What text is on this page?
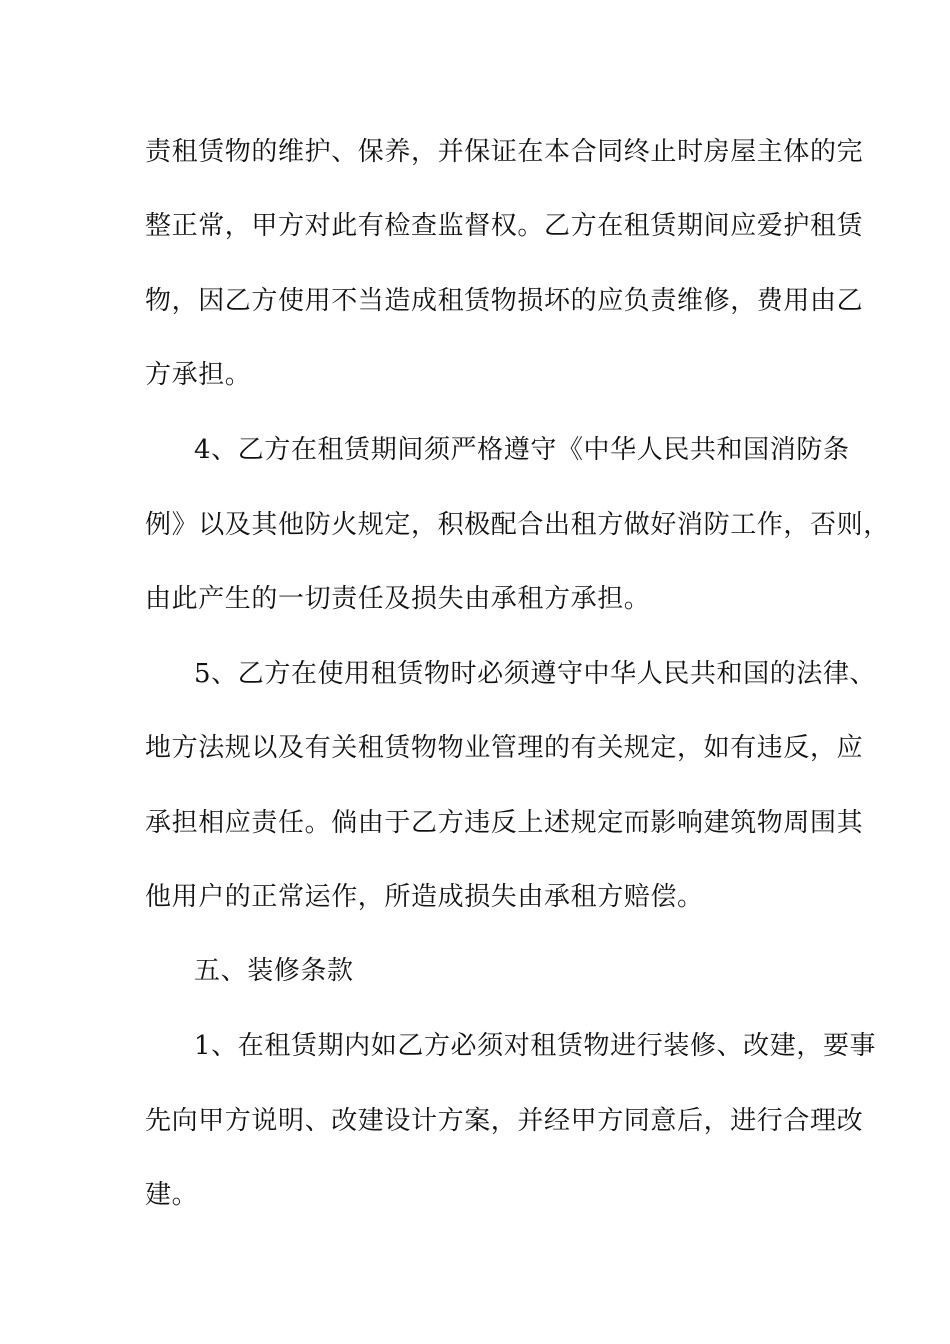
责租赁物的维护、保养，并保证在本合同终止时房屋主体的完
整正常，甲方对此有检查监督权。乙方在租赁期间应爱护租赁
物，因乙方使用不当造成租赁物损坏的应负责维修，费用由乙
方承担。
4、乙方在租赁期间须严格遵守《中华人民共和国消防条
例》以及其他防火规定，积极配合出租方做好消防工作，否则，
由此产生的一切责任及损失由承租方承担。
5、乙方在使用租赁物时必须遵守中华人民共和国的法律、
地方法规以及有关租赁物物业管理的有关规定，如有违反，应
承担相应责任。倘由于乙方违反上述规定而影响建筑物周围其
他用户的正常运作，所造成损失由承租方赔偿。
五、装修条款
1、在租赁期内如乙方必须对租赁物进行装修、改建，要事
先向甲方说明、改建设计方案，并经甲方同意后，进行合理改
建。
